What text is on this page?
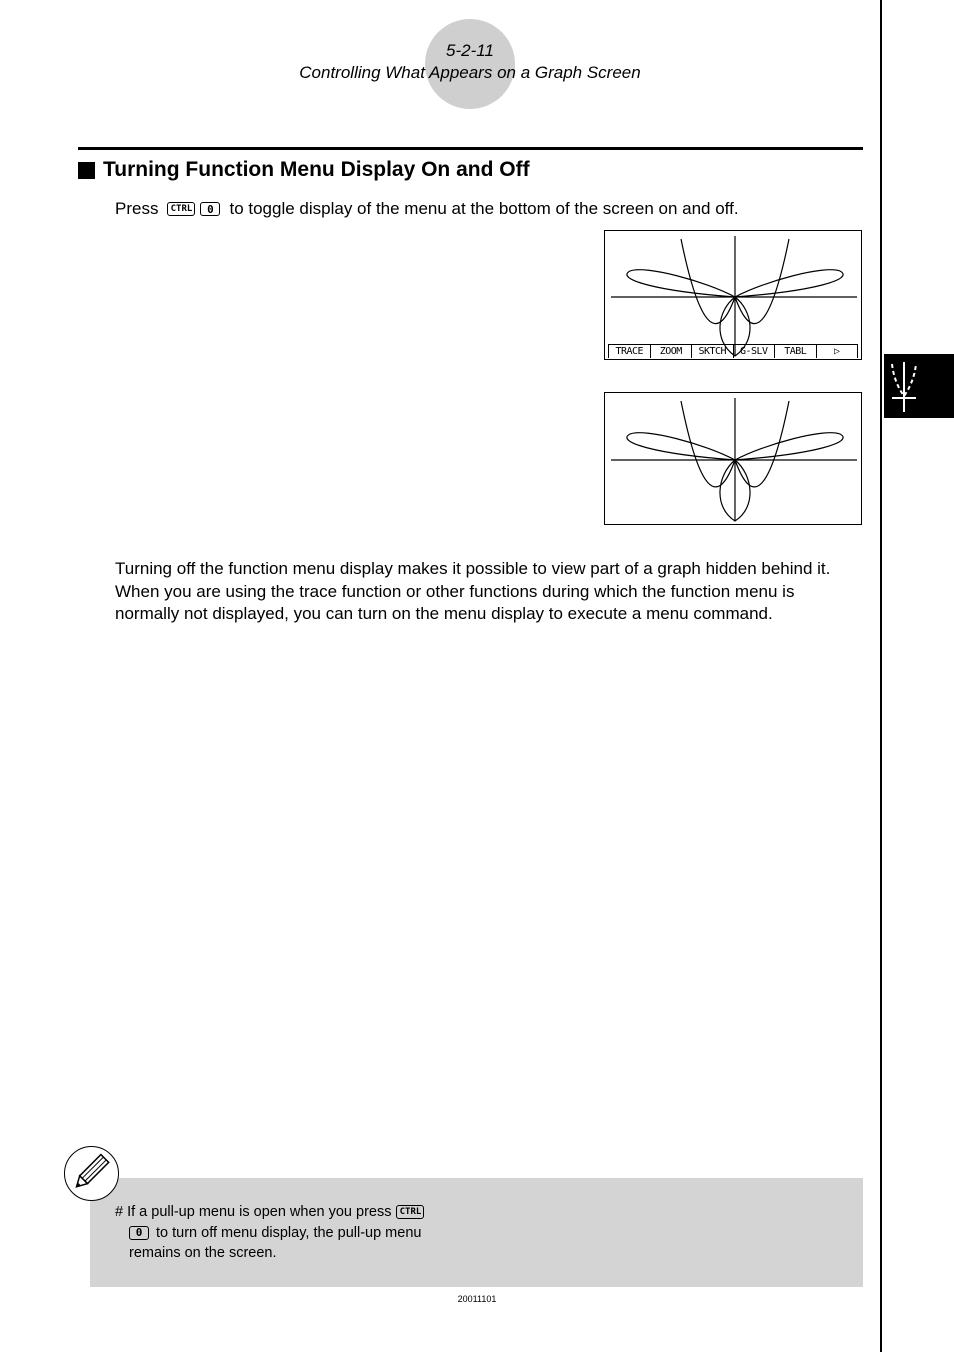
5-2-11
Controlling What Appears on a Graph Screen
Turning Function Menu Display On and Off
Press	CTRL	0 to toggle display of the menu at the bottom of the screen on and off.
TRACE	ZOOM	SKTCH	G-SLV	TABL	▷
Turning off the function menu display makes it possible to view part of a graph hidden behind it. When you are using the trace function or other functions during which the function menu is normally not displayed, you can turn on the menu display to execute a menu command.
# If a pull-up menu is open when you press CTRL
0 to turn off menu display, the pull-up menu
remains on the screen.
20011101
